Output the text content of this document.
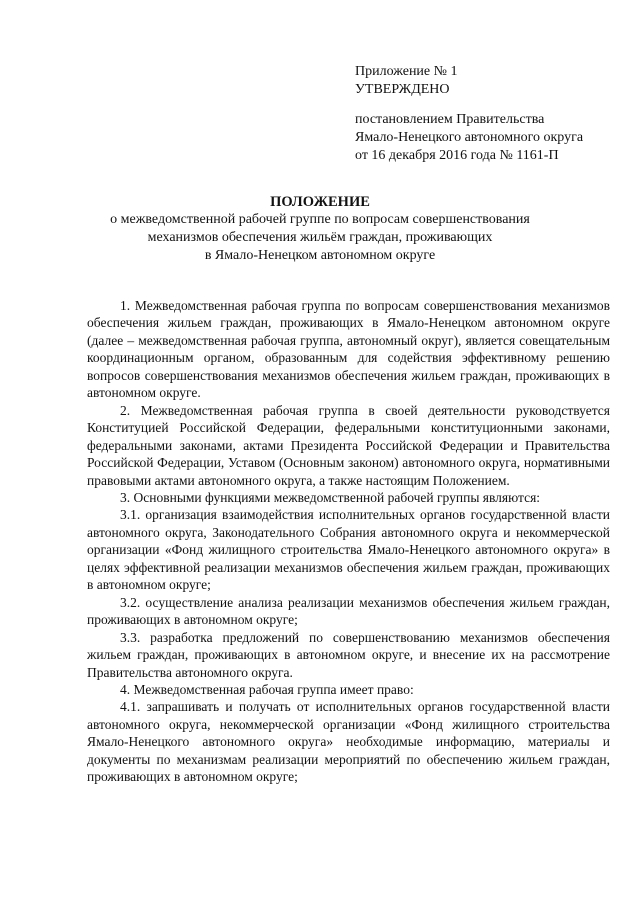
Приложение № 1
УТВЕРЖДЕНО
постановлением Правительства
Ямало-Ненецкого автономного округа
от 16 декабря 2016 года № 1161-П
ПОЛОЖЕНИЕ
о межведомственной рабочей группе по вопросам совершенствования
механизмов обеспечения жильём граждан, проживающих
в Ямало-Ненецком автономном округе

1. Межведомственная рабочая группа по вопросам совершенствования механизмов обеспечения жильем граждан, проживающих в Ямало-Ненецком автономном округе (далее – межведомственная рабочая группа, автономный округ), является совещательным координационным органом, образованным для содействия эффективному решению вопросов совершенствования механизмов обеспечения жильем граждан, проживающих в автономном округе.

2. Межведомственная рабочая группа в своей деятельности руководствуется Конституцией Российской Федерации, федеральными конституционными законами, федеральными законами, актами Президента Российской Федерации и Правительства Российской Федерации, Уставом (Основным законом) автономного округа, нормативными правовыми актами автономного округа, а также настоящим Положением.

3. Основными функциями межведомственной рабочей группы являются:

3.1. организация взаимодействия исполнительных органов государственной власти автономного округа, Законодательного Собрания автономного округа и некоммерческой организации «Фонд жилищного строительства Ямало-Ненецкого автономного округа» в целях эффективной реализации механизмов обеспечения жильем граждан, проживающих в автономном округе;

3.2. осуществление анализа реализации механизмов обеспечения жильем граждан, проживающих в автономном округе;

3.3. разработка предложений по совершенствованию механизмов обеспечения жильем граждан, проживающих в автономном округе, и внесение их на рассмотрение Правительства автономного округа.

4. Межведомственная рабочая группа имеет право:

4.1. запрашивать и получать от исполнительных органов государственной власти автономного округа, некоммерческой организации «Фонд жилищного строительства Ямало-Ненецкого автономного округа» необходимые информацию, материалы и документы по механизмам реализации мероприятий по обеспечению жильем граждан, проживающих в автономном округе;
